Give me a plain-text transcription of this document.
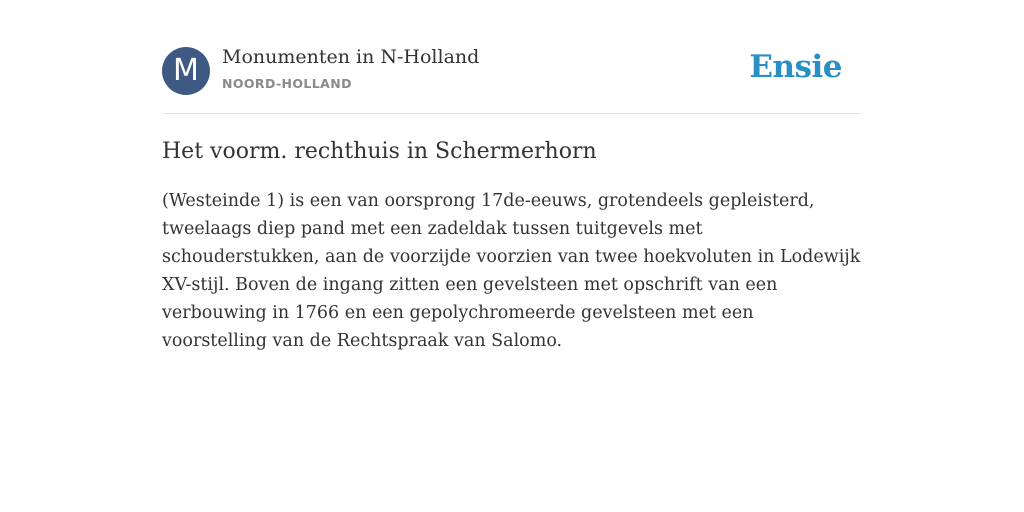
M	Monumenten in N-Holland
NOORD-HOLLAND	Ensie
Het voorm. rechthuis in Schermerhorn

(Westeinde 1) is een van oorsprong 17de-eeuws, grotendeels gepleisterd, tweelaags diep pand met een zadeldak tussen tuitgevels met schouderstukken, aan de voorzijde voorzien van twee hoekvoluten in Lodewijk XV-stijl. Boven de ingang zitten een gevelsteen met opschrift van een verbouwing in 1766 en een gepolychromeerde gevelsteen met een voorstelling van de Rechtspraak van Salomo.
